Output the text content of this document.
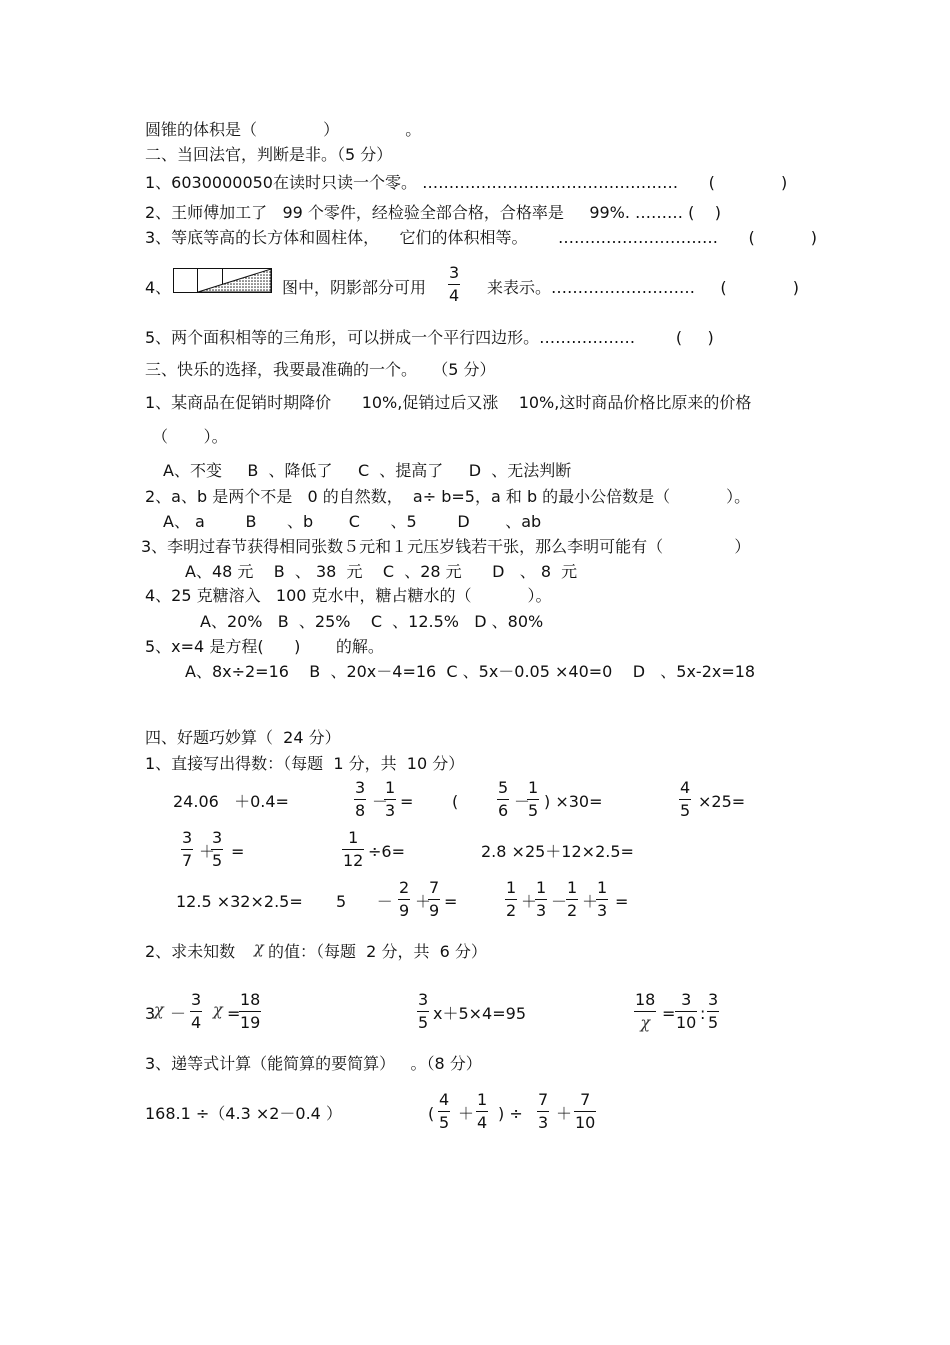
圆锥的体积是（             ）             。
二、当回法官，判断是非。（5 分）
1、6030000050在读时只读一个零。 …………………………………………      (             )
2、王师傅加工了   99 个零件，经检验全部合格，合格率是     99%. ……… (    )
3、等底等高的长方体和圆柱体，    它们的体积相等。      …………………………      (           )
4、	图中，阴影部分可用
3
4 来表示。………………………     (             )
5、两个面积相等的三角形，可以拼成一个平行四边形。………………        (     )
三、快乐的选择，我要最准确的一个。   （5 分）
1、某商品在促销时期降价      10%,促销过后又涨    10%,这时商品价格比原来的价格
（       ）。
A、不变     B  、降低了     C  、提高了     D  、无法判断
2、a、b 是两个不是   0 的自然数，  a÷ b=5，a 和 b 的最小公倍数是（           ）。
A、 a        B      、b       C      、5        D       、ab
3、李明过春节获得相同张数５元和１元压岁钱若干张，那么李明可能有（              ）
A、48 元    B  、 38  元    C  、28 元      D   、 8  元
4、25 克糖溶入   100 克水中，糖占糖水的（           ）。
A、20%   B  、25%    C  、12.5%   D 、80%
5、x=4 是方程(      )       的解。
A、8x÷2=16    B  、20x－4=16  C 、5x－0.05 ×40=0    D   、5x-2x=18
四、好题巧妙算（  24 分）
1、直接写出得数：（每题  1 分，共  10 分）
24.06   ＋0.4=
3
8 －
1
3 = (
5
6 －
1
5 ) ×30=
4
5 ×25=
3
7 ＋
3
5 =
1
12 ÷6=	2.8 ×25＋12×2.5=
12.5 ×32×2.5= 5      －
2
9 ＋
7
9 =
1
2 ＋
1
3 －
1
2 ＋
1
3 =
2、求未知数 χ 的值：（每题  2 分，共  6 分）
3
χ －
3
4
χ =
18
19
3
5 x＋5×4=95
18
χ =
3
10 :
3
5
3、递等式计算（能简算的要简算）   。（8 分）
168.1 ÷（4.3 ×2－0.4 ）	(
4
5 ＋
1
4 ) ÷
7
3 ＋
7
10
